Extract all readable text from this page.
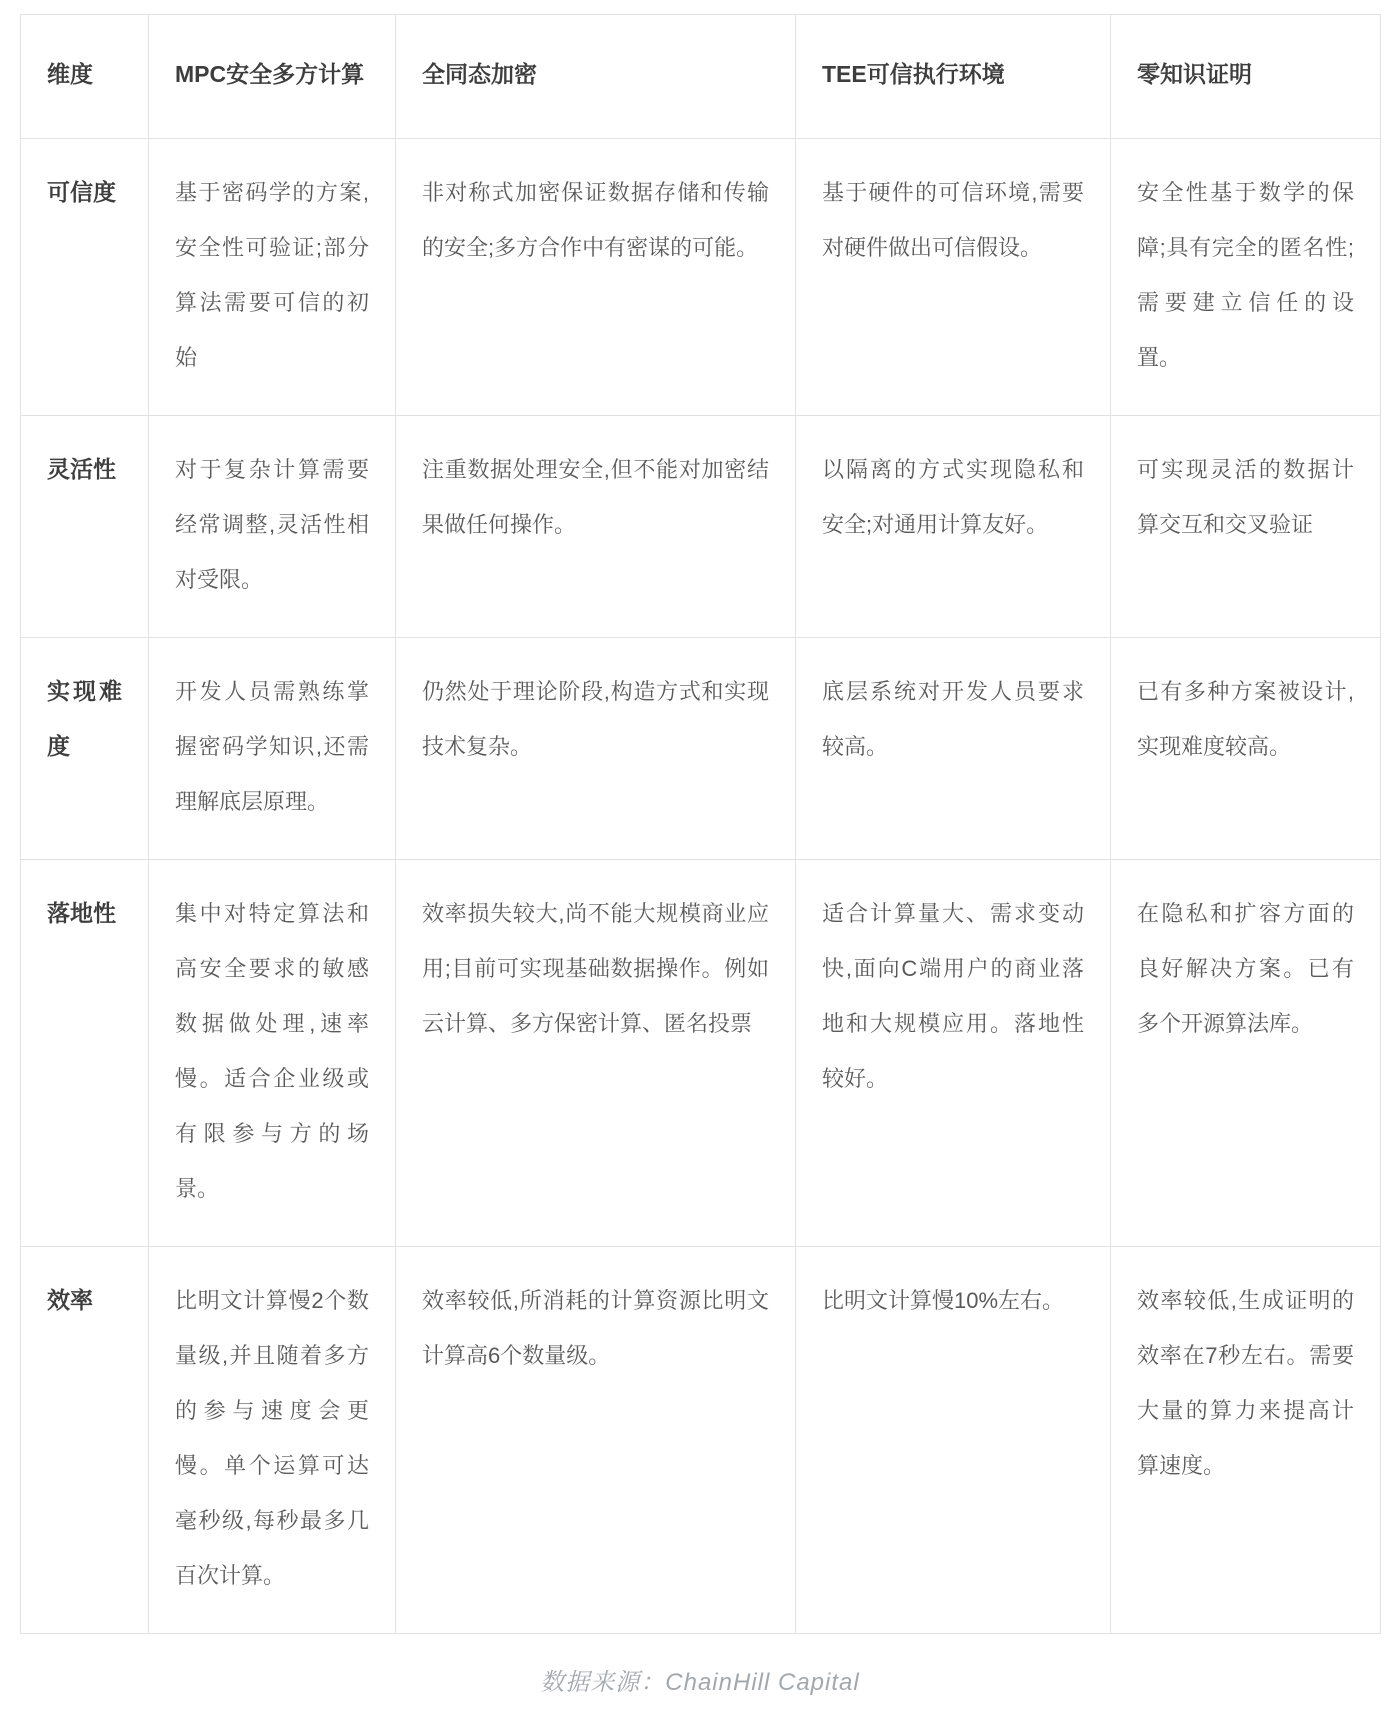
维度	MPC安全多方计算	全同态加密	TEE可信执行环境	零知识证明
可信度	基于密码学的方案,安全性可验证;部分算法需要可信的初始	非对称式加密保证数据存储和传输的安全;多方合作中有密谋的可能。	基于硬件的可信环境,需要对硬件做出可信假设。	安全性基于数学的保障;具有完全的匿名性;需要建立信任的设置。
灵活性	对于复杂计算需要经常调整,灵活性相对受限。	注重数据处理安全,但不能对加密结果做任何操作。	以隔离的方式实现隐私和安全;对通用计算友好。	可实现灵活的数据计算交互和交叉验证
实现难度	开发人员需熟练掌握密码学知识,还需理解底层原理。	仍然处于理论阶段,构造方式和实现技术复杂。	底层系统对开发人员要求较高。	已有多种方案被设计,实现难度较高。
落地性	集中对特定算法和高安全要求的敏感数据做处理,速率慢。适合企业级或有限参与方的场景。	效率损失较大,尚不能大规模商业应用;目前可实现基础数据操作。例如云计算、多方保密计算、匿名投票	适合计算量大、需求变动快,面向C端用户的商业落地和大规模应用。落地性较好。	在隐私和扩容方面的良好解决方案。已有多个开源算法库。
效率	比明文计算慢2个数量级,并且随着多方的参与速度会更慢。单个运算可达毫秒级,每秒最多几百次计算。	效率较低,所消耗的计算资源比明文计算高6个数量级。	比明文计算慢10%左右。	效率较低,生成证明的效率在7秒左右。需要大量的算力来提高计算速度。
数据来源：ChainHill Capital
